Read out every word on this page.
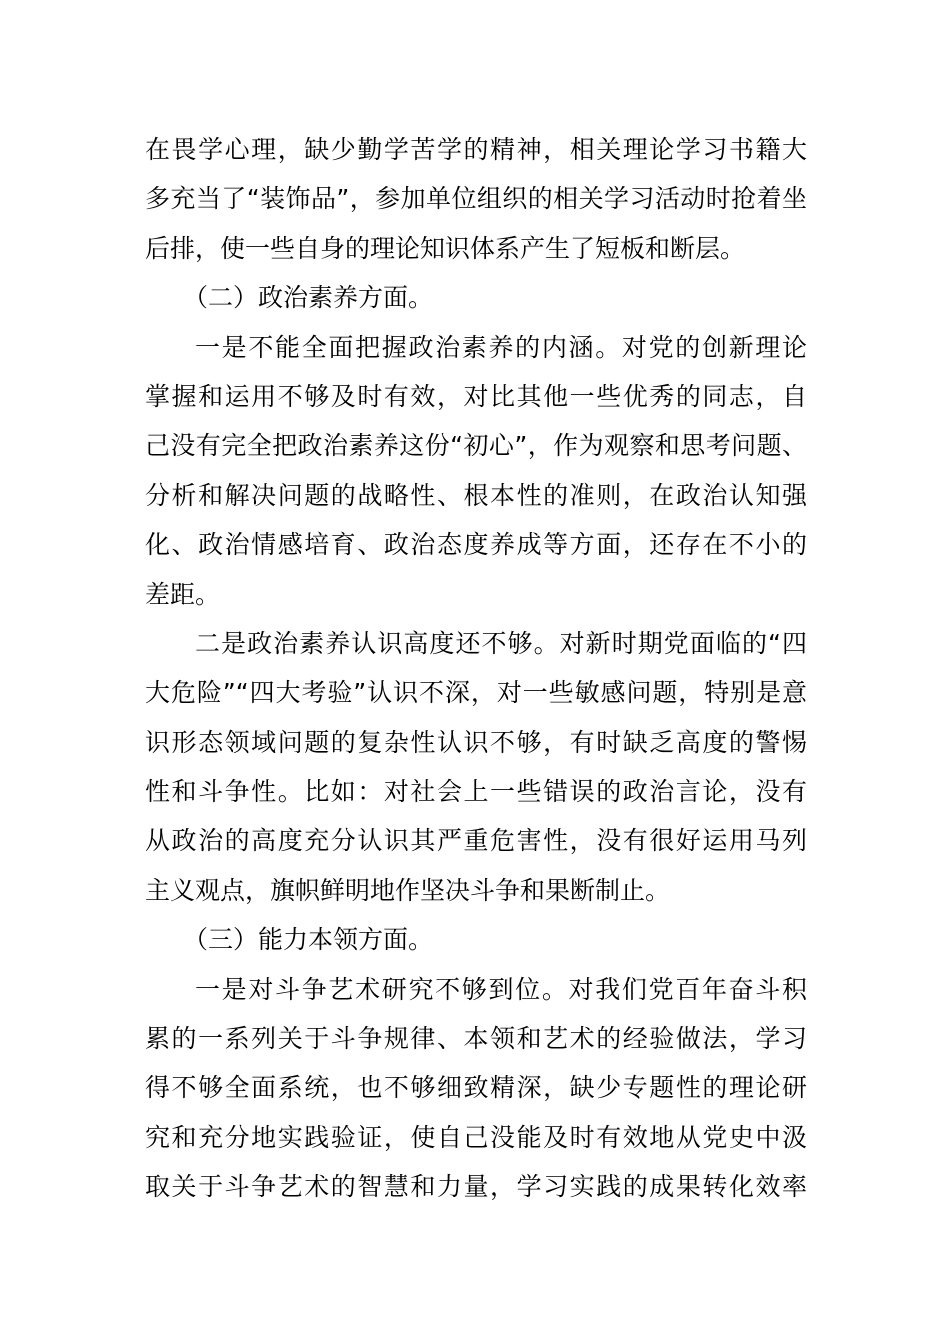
在畏学心理，缺少勤学苦学的精神，相关理论学习书籍大
多充当了“装饰品”，参加单位组织的相关学习活动时抢着坐
后排，使一些自身的理论知识体系产生了短板和断层。
（二）政治素养方面。
一是不能全面把握政治素养的内涵。对党的创新理论
掌握和运用不够及时有效，对比其他一些优秀的同志，自
己没有完全把政治素养这份“初心”，作为观察和思考问题、
分析和解决问题的战略性、根本性的准则，在政治认知强
化、政治情感培育、政治态度养成等方面，还存在不小的
差距。
二是政治素养认识高度还不够。对新时期党面临的“四
大危险”“四大考验”认识不深，对一些敏感问题，特别是意
识形态领域问题的复杂性认识不够，有时缺乏高度的警惕
性和斗争性。比如：对社会上一些错误的政治言论，没有
从政治的高度充分认识其严重危害性，没有很好运用马列
主义观点，旗帜鲜明地作坚决斗争和果断制止。
（三）能力本领方面。
一是对斗争艺术研究不够到位。对我们党百年奋斗积
累的一系列关于斗争规律、本领和艺术的经验做法，学习
得不够全面系统，也不够细致精深，缺少专题性的理论研
究和充分地实践验证，使自己没能及时有效地从党史中汲
取关于斗争艺术的智慧和力量，学习实践的成果转化效率
